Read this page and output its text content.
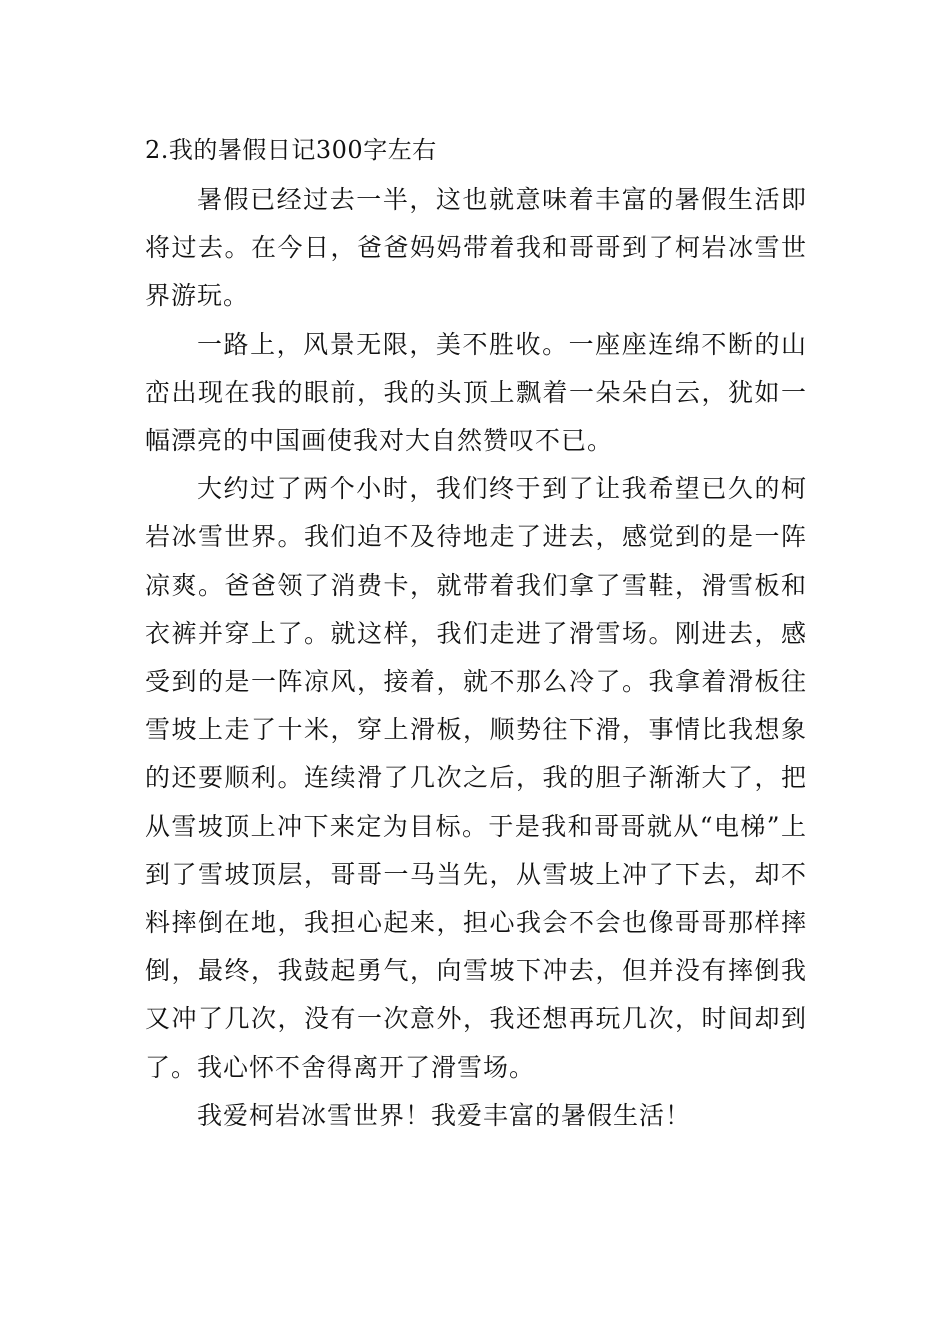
2.我的暑假日记300字左右

暑假已经过去一半，这也就意味着丰富的暑假生活即将过去。在今日，爸爸妈妈带着我和哥哥到了柯岩冰雪世界游玩。

一路上，风景无限，美不胜收。一座座连绵不断的山峦出现在我的眼前，我的头顶上飘着一朵朵白云，犹如一幅漂亮的中国画使我对大自然赞叹不已。

大约过了两个小时，我们终于到了让我希望已久的柯岩冰雪世界。我们迫不及待地走了进去，感觉到的是一阵凉爽。爸爸领了消费卡，就带着我们拿了雪鞋，滑雪板和衣裤并穿上了。就这样，我们走进了滑雪场。刚进去，感受到的是一阵凉风，接着，就不那么冷了。我拿着滑板往雪坡上走了十米，穿上滑板，顺势往下滑，事情比我想象的还要顺利。连续滑了几次之后，我的胆子渐渐大了，把从雪坡顶上冲下来定为目标。于是我和哥哥就从“电梯”上到了雪坡顶层，哥哥一马当先，从雪坡上冲了下去，却不料摔倒在地，我担心起来，担心我会不会也像哥哥那样摔倒，最终，我鼓起勇气，向雪坡下冲去，但并没有摔倒我又冲了几次，没有一次意外，我还想再玩几次，时间却到了。我心怀不舍得离开了滑雪场。

我爱柯岩冰雪世界！我爱丰富的暑假生活！
